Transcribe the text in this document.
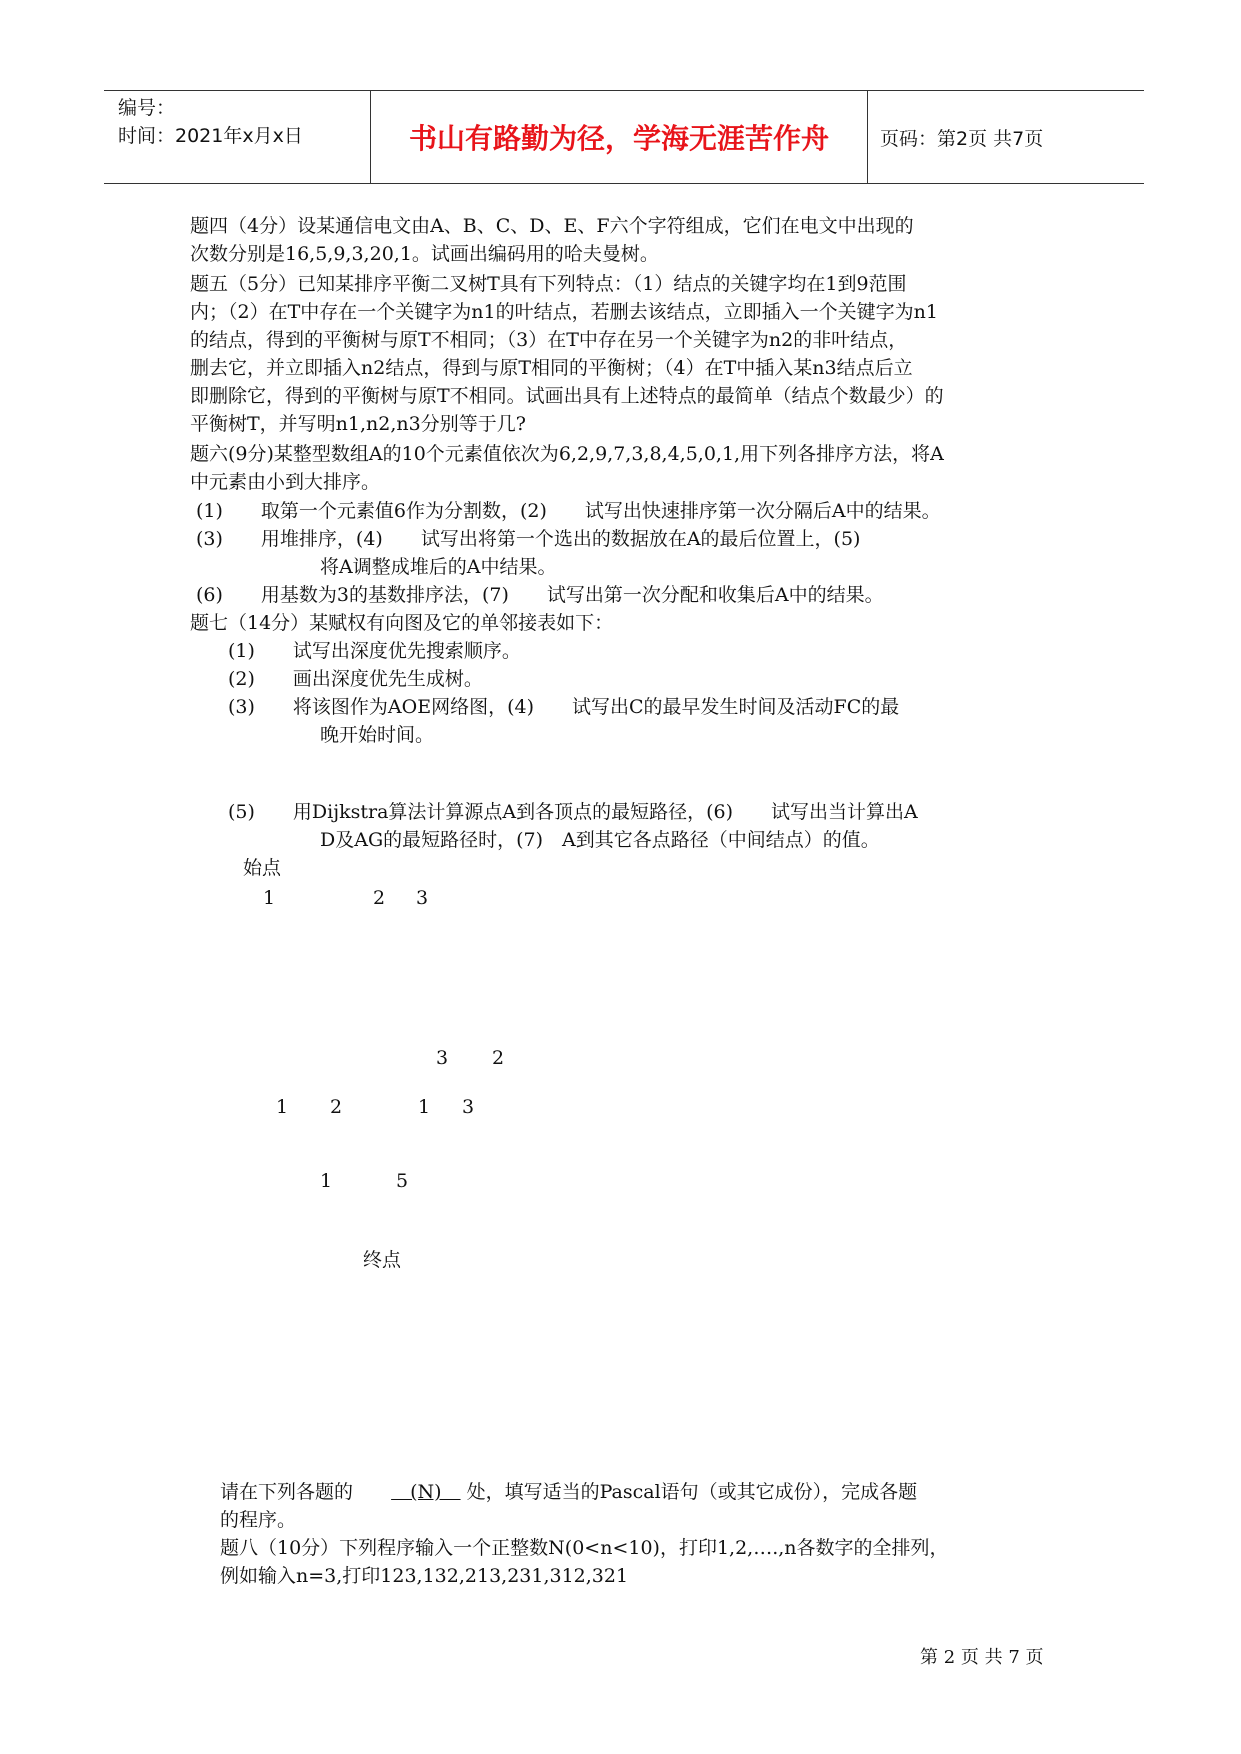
编号：
时间：2021年x月x日	书山有路勤为径，学海无涯苦作舟	页码：第2页 共7页
题四（4分）设某通信电文由A、B、C、D、E、F六个字符组成，它们在电文中出现的
次数分别是16,5,9,3,20,1。试画出编码用的哈夫曼树。
题五（5分）已知某排序平衡二叉树T具有下列特点：（1）结点的关键字均在1到9范围
内；（2）在T中存在一个关键字为n1的叶结点，若删去该结点，立即插入一个关键字为n1
的结点，得到的平衡树与原T不相同；（3）在T中存在另一个关键字为n2的非叶结点，
删去它，并立即插入n2结点，得到与原T相同的平衡树；（4）在T中插入某n3结点后立
即删除它，得到的平衡树与原T不相同。试画出具有上述特点的最简单（结点个数最少）的
平衡树T，并写明n1,n2,n3分别等于几?
题六(9分)某整型数组A的10个元素值依次为6,2,9,7,3,8,4,5,0,1,用下列各排序方法，将A
中元素由小到大排序。
(1)　　取第一个元素值6作为分割数，(2)　　试写出快速排序第一次分隔后A中的结果。
(3)　　用堆排序，(4)　　试写出将第一个选出的数据放在A的最后位置上，(5)
将A调整成堆后的A中结果。
(6)　　用基数为3的基数排序法，(7)　　试写出第一次分配和收集后A中的结果。
题七（14分）某赋权有向图及它的单邻接表如下：
(1)　　试写出深度优先搜索顺序。
(2)　　画出深度优先生成树。
(3)　　将该图作为AOE网络图，(4)　　试写出C的最早发生时间及活动FC的最
晚开始时间。
(5)　　用Dijkstra算法计算源点A到各顶点的最短路径，(6)　　试写出当计算出A
D及AG的最短路径时，(7)　A到其它各点路径（中间结点）的值。
始点
1	2 3
3 2
1 2	1 3
1	5
终点
请在下列各题的  　(N)　 处，填写适当的Pascal语句（或其它成份），完成各题
的程序。
题八（10分）下列程序输入一个正整数N(0<n<10)，打印1,2,….,n各数字的全排列，
例如输入n=3,打印123,132,213,231,312,321
第 2 页 共 7 页
